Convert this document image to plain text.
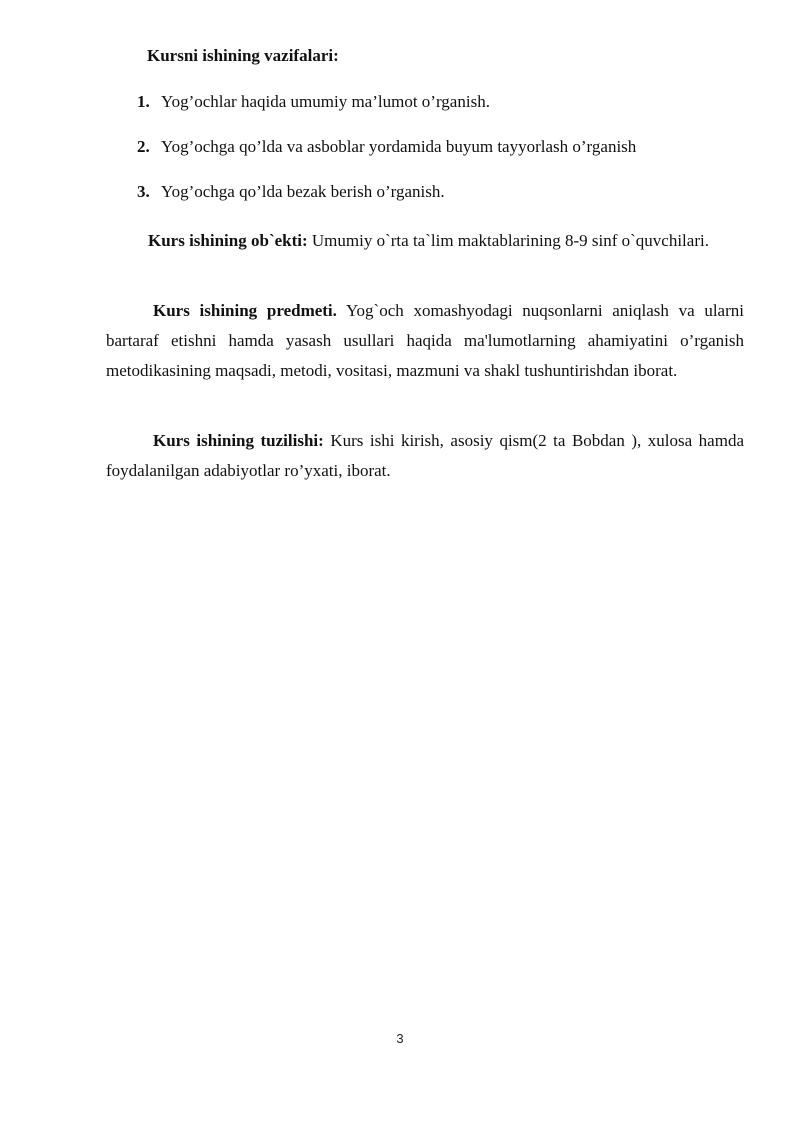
Kursni ishining vazifalari:
1. Yog’ochlar haqida umumiy ma’lumot o’rganish.
2. Yog’ochga qo’lda va asboblar yordamida buyum tayyorlash o’rganish
3. Yog’ochga qo’lda bezak berish o’rganish.

Kurs ishining ob`ekti: Umumiy o`rta ta`lim maktablarining 8-9 sinf o`quvchilari.

Kurs ishining predmeti. Yog`och xomashyodagi nuqsonlarni aniqlash va ularni bartaraf etishni hamda yasash usullari haqida ma'lumotlarning ahamiyatini o’rganish metodikasining maqsadi, metodi, vositasi, mazmuni va shakl tushuntirishdan iborat.

Kurs ishining tuzilishi: Kurs ishi kirish, asosiy qism(2 ta Bobdan ), xulosa hamda foydalanilgan adabiyotlar ro’yxati, iborat.

3
